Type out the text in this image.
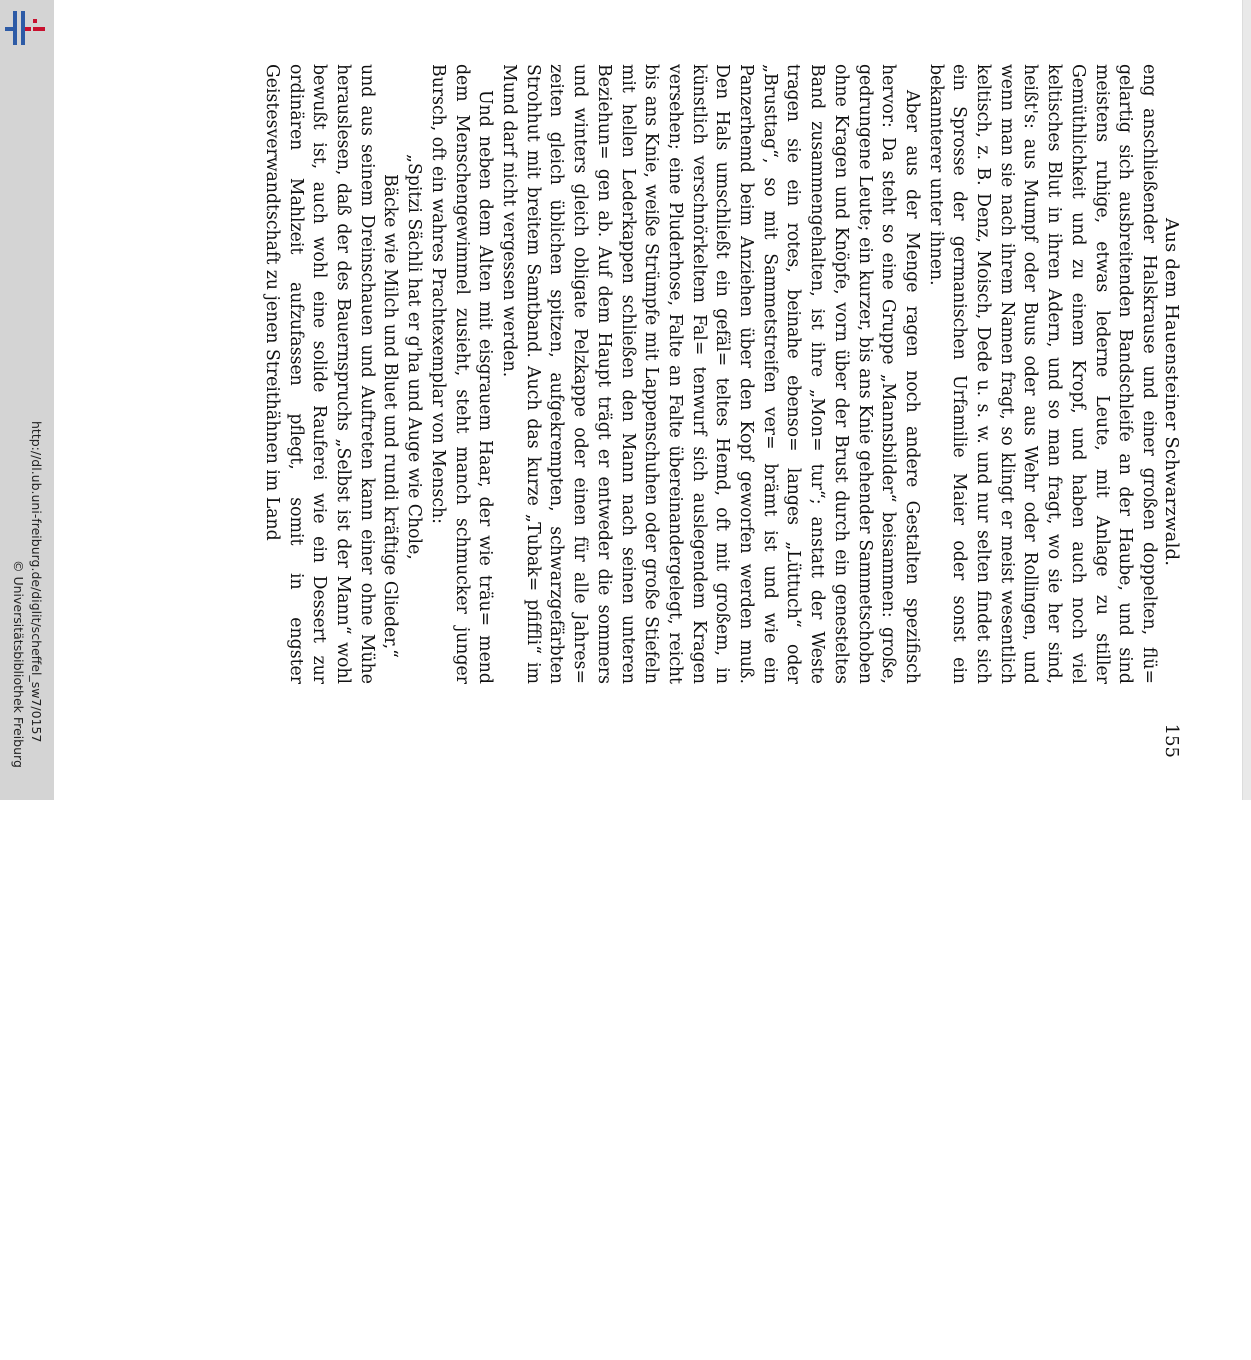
http://dl.ub.uni-freiburg.de/diglit/scheffel_sw7/0157
© Universitätsbibliothek Freiburg
Aus dem Hauensteiner Schwarzwald.
155

eng anschließender Halskrause und einer großen doppelten, flü= gelartig sich ausbreitenden Bandschleife an der Haube, und sind meistens ruhige, etwas lederne Leute, mit Anlage zu stiller Gemüthlichkeit und zu einem Kropf, und haben auch noch viel keltisches Blut in ihren Adern, und so man fragt, wo sie her sind, heißt's: aus Mumpf oder Buus oder aus Wehr oder Rollingen, und wenn man sie nach ihrem Namen fragt, so klingt er meist wesentlich keltisch, z. B. Denz, Moisch, Dede u. s. w. und nur selten findet sich ein Sprosse der germanischen Urfamilie Maier oder sonst ein bekannterer unter ihnen.

Aber aus der Menge ragen noch andere Gestalten spezifisch hervor: Da steht so eine Gruppe „Mannsbilder“ beisammen: große, gedrungene Leute; ein kurzer, bis ans Knie gehender Sammetschoben ohne Kragen und Knöpfe, vorn über der Brust durch ein genesteltes Band zusammengehalten, ist ihre „Mon= tur“; anstatt der Weste tragen sie ein rotes, beinahe ebenso= langes „Lüttuch“ oder „Brusttag“, so mit Sammetstreifen ver= brämt ist und wie ein Panzerhemd beim Anziehen über den Kopf geworfen werden muß. Den Hals umschließt ein gefäl= teltes Hemd, oft mit großem, in künstlich verschnörkeltem Fal= tenwurf sich auslegendem Kragen versehen; eine Pluderhose, Falte an Falte übereinandergelegt, reicht bis ans Knie, weiße Strümpfe mit Lappenschuhen oder große Stiefeln mit hellen Lederkappen schließen den Mann nach seinen unteren Beziehun= gen ab. Auf dem Haupt trägt er entweder die sommers und winters gleich obligate Pelzkappe oder einen für alle Jahres= zeiten gleich üblichen spitzen, aufgekrempten, schwarzgefärbten Strohhut mit breitem Samtband. Auch das kurze „Tubak= pfiffli“ im Mund darf nicht vergessen werden.

Und neben dem Alten mit eisgrauem Haar, der wie träu= mend dem Menschengewimmel zusieht, steht manch schmucker junger Bursch, oft ein wahres Prachtexemplar von Mensch:

„Spitzi Sächli hat er g'ha und Auge wie Chole,

Bäcke wie Milch und Bluet und rundi kräftige Glieder,“

und aus seinem Dreinschauen und Auftreten kann einer ohne Mühe herauslesen, daß der des Bauernspruchs „Selbst ist der Mann“ wohl bewußt ist, auch wohl eine solide Rauferei wie ein Dessert zur ordinären Mahlzeit aufzufassen pflegt, somit in engster Geistesverwandtschaft zu jenen Streithähnen im Land
